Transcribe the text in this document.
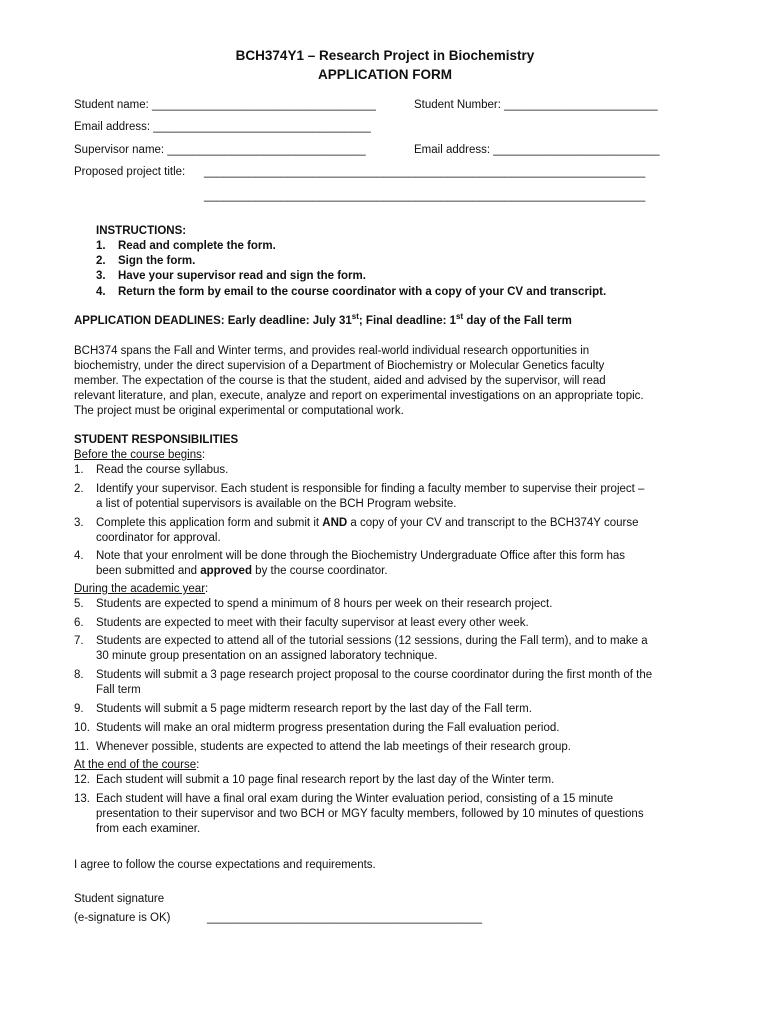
BCH374Y1 – Research Project in Biochemistry
APPLICATION FORM
Student name: ___________________________________	Student Number: ________________________
Email address: __________________________________
Supervisor name: _______________________________	Email address: __________________________
Proposed project title: _____________________________________________________________________
_____________________________________________________________________
INSTRUCTIONS:
1. Read and complete the form.
2. Sign the form.
3. Have your supervisor read and sign the form.
4. Return the form by email to the course coordinator with a copy of your CV and transcript.
APPLICATION DEADLINES: Early deadline: July 31st; Final deadline: 1st day of the Fall term
BCH374 spans the Fall and Winter terms, and provides real-world individual research opportunities in
biochemistry, under the direct supervision of a Department of Biochemistry or Molecular Genetics faculty
member. The expectation of the course is that the student, aided and advised by the supervisor, will read
relevant literature, and plan, execute, analyze and report on experimental investigations on an appropriate topic.
The project must be original experimental or computational work.
STUDENT RESPONSIBILITIES
Before the course begins:
1. Read the course syllabus.
2. Identify your supervisor. Each student is responsible for finding a faculty member to supervise their project –
a list of potential supervisors is available on the BCH Program website.
3. Complete this application form and submit it AND a copy of your CV and transcript to the BCH374Y course
coordinator for approval.
4. Note that your enrolment will be done through the Biochemistry Undergraduate Office after this form has
been submitted and approved by the course coordinator.
During the academic year:
5. Students are expected to spend a minimum of 8 hours per week on their research project.
6. Students are expected to meet with their faculty supervisor at least every other week.
7. Students are expected to attend all of the tutorial sessions (12 sessions, during the Fall term), and to make a
30 minute group presentation on an assigned laboratory technique.
8. Students will submit a 3 page research project proposal to the course coordinator during the first month of the
Fall term
9. Students will submit a 5 page midterm research report by the last day of the Fall term.
10. Students will make an oral midterm progress presentation during the Fall evaluation period.
11. Whenever possible, students are expected to attend the lab meetings of their research group.
At the end of the course:
12. Each student will submit a 10 page final research report by the last day of the Winter term.
13. Each student will have a final oral exam during the Winter evaluation period, consisting of a 15 minute
presentation to their supervisor and two BCH or MGY faculty members, followed by 10 minutes of questions
from each examiner.
I agree to follow the course expectations and requirements.
Student signature
(e-signature is OK)	___________________________________________
